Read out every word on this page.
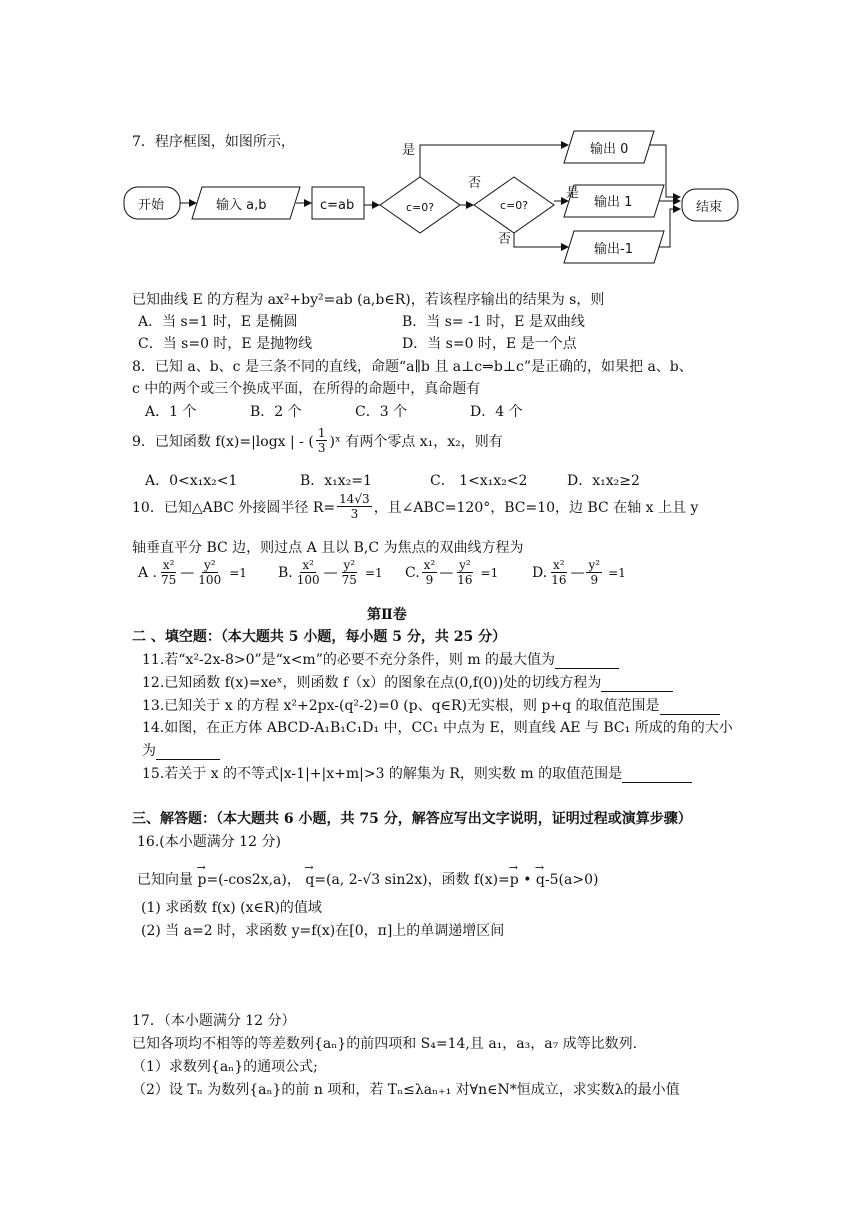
7．程序框图，如图所示，
开始	输入 a,b	c=ab	c=0?	c=0?
是
否
是
否
输出 0
输出 1
输出-1
结束
已知曲线 E 的方程为 ax²+by²=ab (a,b∈R)，若该程序输出的结果为 s，则
A．当 s=1 时，E 是椭圆	B．当 s= -1 时，E 是双曲线
C．当 s=0 时，E 是抛物线	D．当 s=0 时，E 是一个点
8．已知 a、b、c 是三条不同的直线，命题“a∥b 且 a⊥c⇒b⊥c”是正确的，如果把 a、b、
c 中的两个或三个换成平面，在所得的命题中，真命题有
A．1 个	B．2 个	C．3 个	D．4 个
9．已知函数 f(x)=|logx | - ( $\frac{1}{3}$ )ˣ 有两个零点 x₁，x₂，则有
A．0<x₁x₂<1	B．x₁x₂=1	C． 1<x₁x₂<2	D．x₁x₂≥2
10．已知△ABC 外接圆半径 $R= \frac{14√3}{3}$ ，且∠ABC=120°，BC=10，边 BC 在轴 x 上且 y
轴垂直平分 BC 边，则过点 A 且以 B,C 为焦点的双曲线方程为
A . $\frac{\text{x²}}{75}$ — $\frac{\text{y²}}{100} =1$ B. $\frac{\text{x²}}{100}$ — $\frac{\text{y²}}{75} =1$ C. $\frac{\text{x²}}{9}$ — $\frac{\text{y²}}{16} =1$ D. $\frac{\text{x²}}{16}$ — $\frac{\text{y²}}{9} =1$
第Ⅱ卷
二 、填空题：（本大题共 5 小题，每小题 5 分，共 25 分）
11.若“x²-2x-8>0”是“x<m”的必要不充分条件，则 m 的最大值为
12.已知函数 f(x)=xeˣ，则函数 f（x）的图象在点(0,f(0))处的切线方程为
13.已知关于 x 的方程 x²+2px-(q²-2)=0 (p、q∈R)无实根，则 p+q 的取值范围是
14.如图，在正方体 ABCD-A₁B₁C₁D₁ 中，CC₁ 中点为 E，则直线 AE 与 BC₁ 所成的角的大小
为
15.若关于 x 的不等式|x-1|+|x+m|>3 的解集为 R，则实数 m 的取值范围是
三、解答题：（本大题共 6 小题，共 75 分，解答应写出文字说明，证明过程或演算步骤）
16.(本小题满分 12 分)
已知向量 → p=(-cos2x,a)， → q=(a, 2-√3 sin2x)，函数 f(x)=→ p • → q-5(a>0)
(1) 求函数 f(x) (x∈R)的值域
(2) 当 a=2 时，求函数 y=f(x)在[0，π]上的单调递增区间
17．（本小题满分 12 分）
已知各项均不相等的等差数列{aₙ}的前四项和 S₄=14,且 a₁，a₃，a₇ 成等比数列.
（1）求数列{aₙ}的通项公式;
（2）设 Tₙ 为数列{aₙ}的前 n 项和，若 Tₙ≤λaₙ₊₁ 对∀n∈N*恒成立，求实数λ的最小值
